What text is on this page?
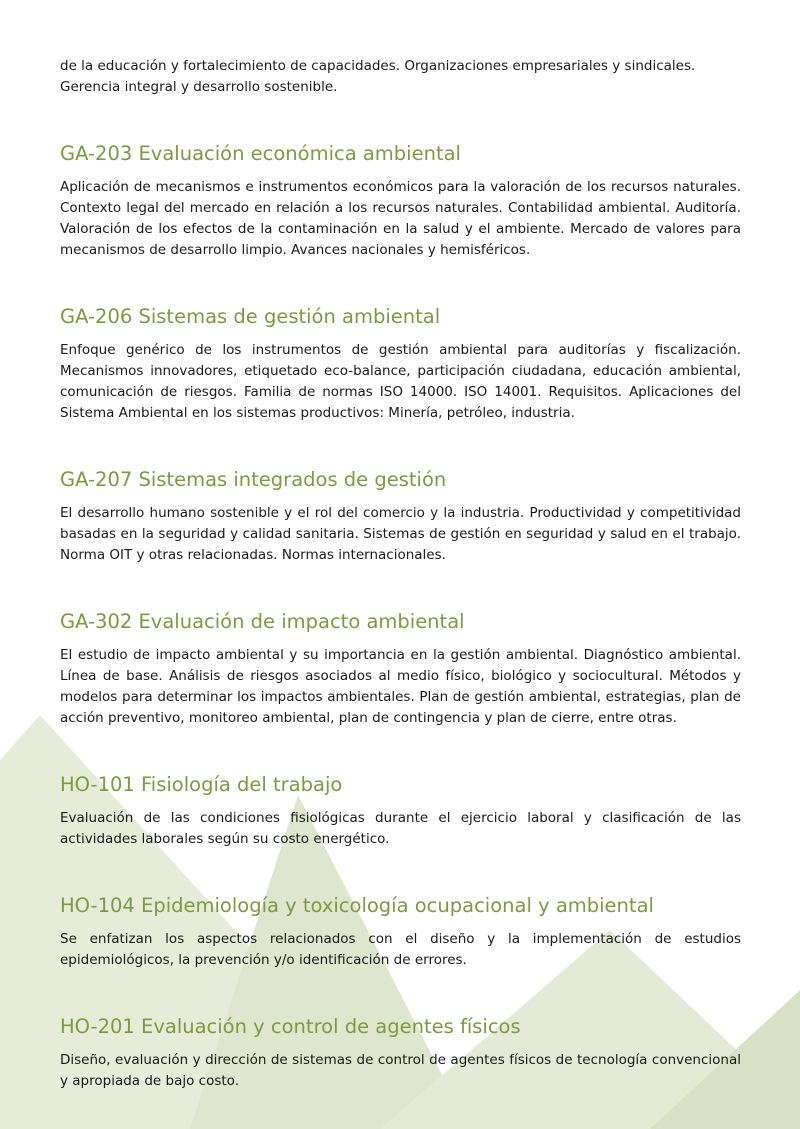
de la educación y fortalecimiento de capacidades. Organizaciones empresariales y sindicales. Gerencia integral y desarrollo sostenible.

GA-203 Evaluación económica ambiental

Aplicación de mecanismos e instrumentos económicos para la valoración de los recursos naturales. Contexto legal del mercado en relación a los recursos naturales. Contabilidad ambiental. Auditoría. Valoración de los efectos de la contaminación en la salud y el ambiente. Mercado de valores para mecanismos de desarrollo limpio. Avances nacionales y hemisféricos.

GA-206 Sistemas de gestión ambiental

Enfoque genérico de los instrumentos de gestión ambiental para auditorías y fiscalización. Mecanismos innovadores, etiquetado eco-balance, participación ciudadana, educación ambiental, comunicación de riesgos. Familia de normas ISO 14000. ISO 14001. Requisitos. Aplicaciones del Sistema Ambiental en los sistemas productivos: Minería, petróleo, industria.

GA-207 Sistemas integrados de gestión

El desarrollo humano sostenible y el rol del comercio y la industria. Productividad y competitividad basadas en la seguridad y calidad sanitaria. Sistemas de gestión en seguridad y salud en el trabajo. Norma OIT y otras relacionadas. Normas internacionales.

GA-302 Evaluación de impacto ambiental

El estudio de impacto ambiental y su importancia en la gestión ambiental. Diagnóstico ambiental. Línea de base. Análisis de riesgos asociados al medio físico, biológico y sociocultural. Métodos y modelos para determinar los impactos ambientales. Plan de gestión ambiental, estrategias, plan de acción preventivo, monitoreo ambiental, plan de contingencia y plan de cierre, entre otras.

HO-101 Fisiología del trabajo

Evaluación de las condiciones fisiológicas durante el ejercicio laboral y clasificación de las actividades laborales según su costo energético.

HO-104 Epidemiología y toxicología ocupacional y ambiental

Se enfatizan los aspectos relacionados con el diseño y la implementación de estudios epidemiológicos, la prevención y/o identificación de errores.

HO-201 Evaluación y control de agentes físicos

Diseño, evaluación y dirección de sistemas de control de agentes físicos de tecnología convencional y apropiada de bajo costo.
